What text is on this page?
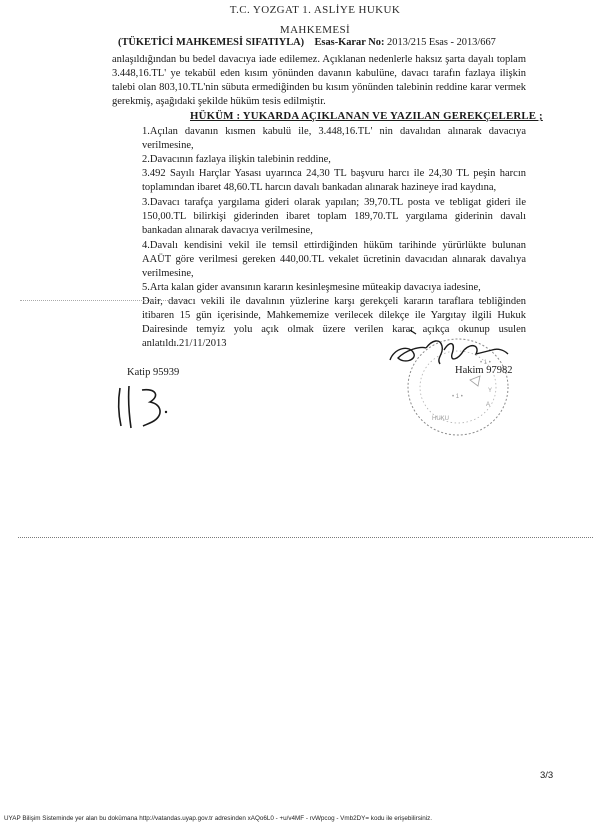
T.C. YOZGAT 1. ASLİYE HUKUK MAHKEMESİ
(TÜKETİCİ MAHKEMESİ SIFATIYLA) Esas-Karar No: 2013/215 Esas - 2013/667
anlaşıldığından bu bedel davacıya iade edilemez. Açıklanan nedenlerle haksız şarta dayalı toplam 3.448,16.TL' ye tekabül eden kısım yönünden davanın kabulüne, davacı tarafın fazlaya ilişkin talebi olan 803,10.TL'nin sübuta ermediğinden bu kısım yönünden talebinin reddine karar vermek gerekmiş, aşağıdaki şekilde hüküm tesis edilmiştir.
HÜKÜM : YUKARDA AÇIKLANAN VE YAZILAN GEREKÇELERLE ;
1.Açılan davanın kısmen kabulü ile, 3.448,16.TL' nin davalıdan alınarak davacıya verilmesine,
2.Davacının fazlaya ilişkin talebinin reddine,
3.492 Sayılı Harçlar Yasası uyarınca 24,30 TL başvuru harcı ile 24,30 TL peşin harcın toplamından ibaret 48,60.TL harcın davalı bankadan alınarak hazineye irad kaydına,
3.Davacı tarafça yargılama gideri olarak yapılan; 39,70.TL posta ve tebligat gideri ile 150,00.TL bilirkişi giderinden ibaret toplam 189,70.TL yargılama giderinin davalı bankadan alınarak davacıya verilmesine,
4.Davalı kendisini vekil ile temsil ettirdiğinden hüküm tarihinde yürürlükte bulunan AAÜT göre verilmesi gereken 440,00.TL vekalet ücretinin davacıdan alınarak davalıya verilmesine,
5.Arta kalan gider avansının kararın kesinleşmesine müteakip davacıya iadesine,
Dair, davacı vekili ile davalının yüzlerine karşı gerekçeli kararın taraflara tebliğinden itibaren 15 gün içerisinde, Mahkememize verilecek dilekçe ile Yargıtay ilgili Hukuk Dairesinde temyiz yolu açık olmak üzere verilen karar açıkça okunup usulen anlatıldı.21/11/2013
Katip 95939
• 1 •
Y
A
HUKU
• 1 •
Hakim 97982
3/3
UYAP Bilişim Sisteminde yer alan bu dokümana http://vatandas.uyap.gov.tr adresinden xAQo6L0 - +u/v4MF - rvWpcog - Vmb2DY= kodu ile erişebilirsiniz.
